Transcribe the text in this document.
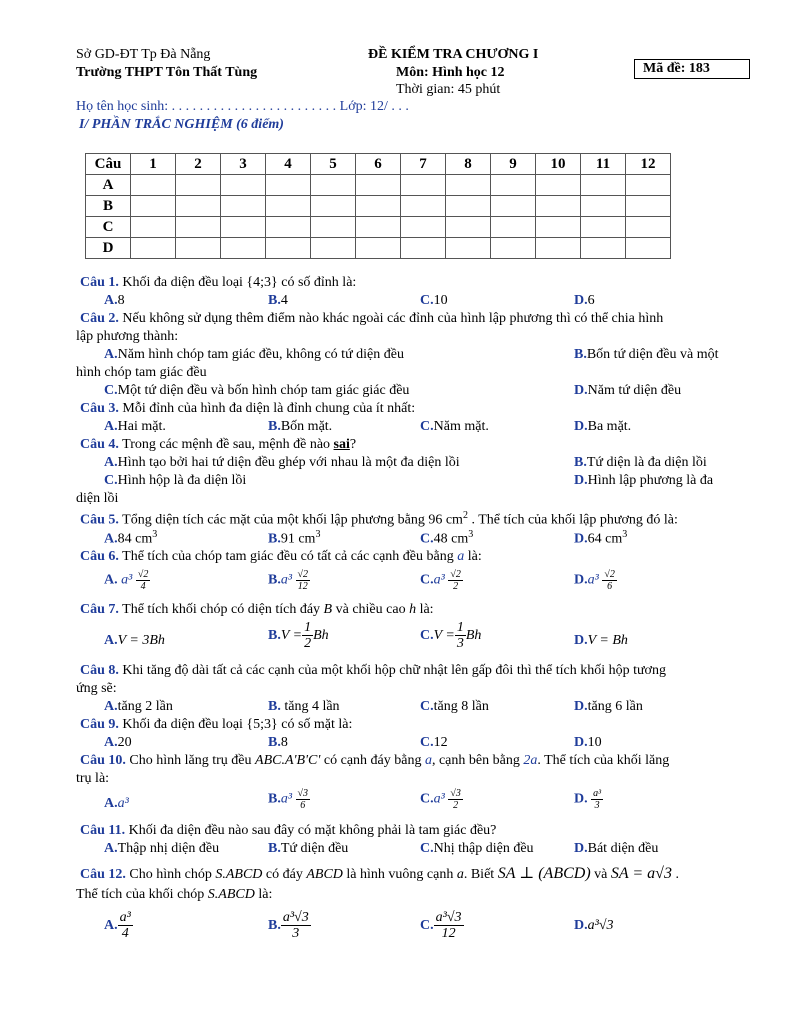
Sở GD-ĐT Tp Đà Nẵng
Trường THPT Tôn Thất Tùng
ĐỀ KIỂM TRA CHƯƠNG I
Môn: Hình học 12
Thời gian: 45 phút
Mã đề: 183
Họ tên học sinh: . . . . . . . . . . . . . . . . . . . . . . . . Lớp: 12/ . . .
I/ PHẦN TRẮC NGHIỆM (6 điểm)
Câu	1	2	3	4	5	6	7	8	9	10	11	12
A												
B												
C												
D												
Câu 1. Khối đa diện đều loại {4;3} có số đỉnh là:
A.8	B.4	C.10	D.6
Câu 2. Nếu không sử dụng thêm điểm nào khác ngoài các đỉnh của hình lập phương thì có thể chia hình
lập phương thành:
A.Năm hình chóp tam giác đều, không có tứ diện đều	B.Bốn tứ diện đều và một
hình chóp tam giác đều
C.Một tứ diện đều và bốn hình chóp tam giác giác đều	D.Năm tứ diện đều
Câu 3. Mỗi đỉnh của hình đa diện là đỉnh chung của ít nhất:
A.Hai mặt.	B.Bốn mặt.	C.Năm mặt.	D.Ba mặt.
Câu 4. Trong các mệnh đề sau, mệnh đề nào sai?
A.Hình tạo bởi hai tứ diện đều ghép với nhau là một đa diện lồi	B.Tứ diện là đa diện lồi
C.Hình hộp là đa diện lồi	D.Hình lập phương là đa
diện lồi
Câu 5. Tổng diện tích các mặt của một khối lập phương bằng 96 $cm^2$ . Thể tích của khối lập phương đó là:
A.84 $cm^3$	B.91 $cm^3$	C.48 $cm^3$	D.64 $cm^3$
Câu 6. Thể tích của chóp tam giác đều có tất cả các cạnh đều bằng a là:
A. $a^3 \frac{√2}{4}$	$B.a^3 \frac{√2}{12}$	$C.a^3 \frac{√2}{2}$	$D.a^3 \frac{√2}{6}$
Câu 7. Thể tích khối chóp có diện tích đáy B và chiều cao h là:
A.V = 3Bh	$B.V = \frac{1}{2}$ Bh	$C.V = \frac{1}{3}$ Bh	D.V = Bh
Câu 8. Khi tăng độ dài tất cả các cạnh của một khối hộp chữ nhật lên gấp đôi thì thể tích khối hộp tương
ứng sẽ:
A.tăng 2 lần	B. tăng 4 lần	C.tăng 8 lần	D.tăng 6 lần
Câu 9. Khối đa diện đều loại {5;3} có số mặt là:
A.20	B.8	C.12	D.10
Câu 10. Cho hình lăng trụ đều ABC.A'B'C' có cạnh đáy bằng a, cạnh bên bằng 2a. Thể tích của khối lăng
trụ là:
A.a³	$B.a^3 \frac{√3}{6}$	$C.a^3 \frac{√3}{2}$	D. $\frac{\text{a³}}{3}$
Câu 11. Khối đa diện đều nào sau đây có mặt không phải là tam giác đều?
A.Thập nhị diện đều	B.Tứ diện đều	C.Nhị thập diện đều	D.Bát diện đều
Câu 12. Cho hình chóp S.ABCD có đáy ABCD là hình vuông cạnh a. Biết SA ⊥ (ABCD) và SA = a√3 .
Thể tích của khối chóp S.ABCD là:
A. $\frac{\text{a³}}{4}$	B. $\frac{\text{a³√3}}{3}$	C. $\frac{\text{a³√3}}{12}$	D.a³√3
